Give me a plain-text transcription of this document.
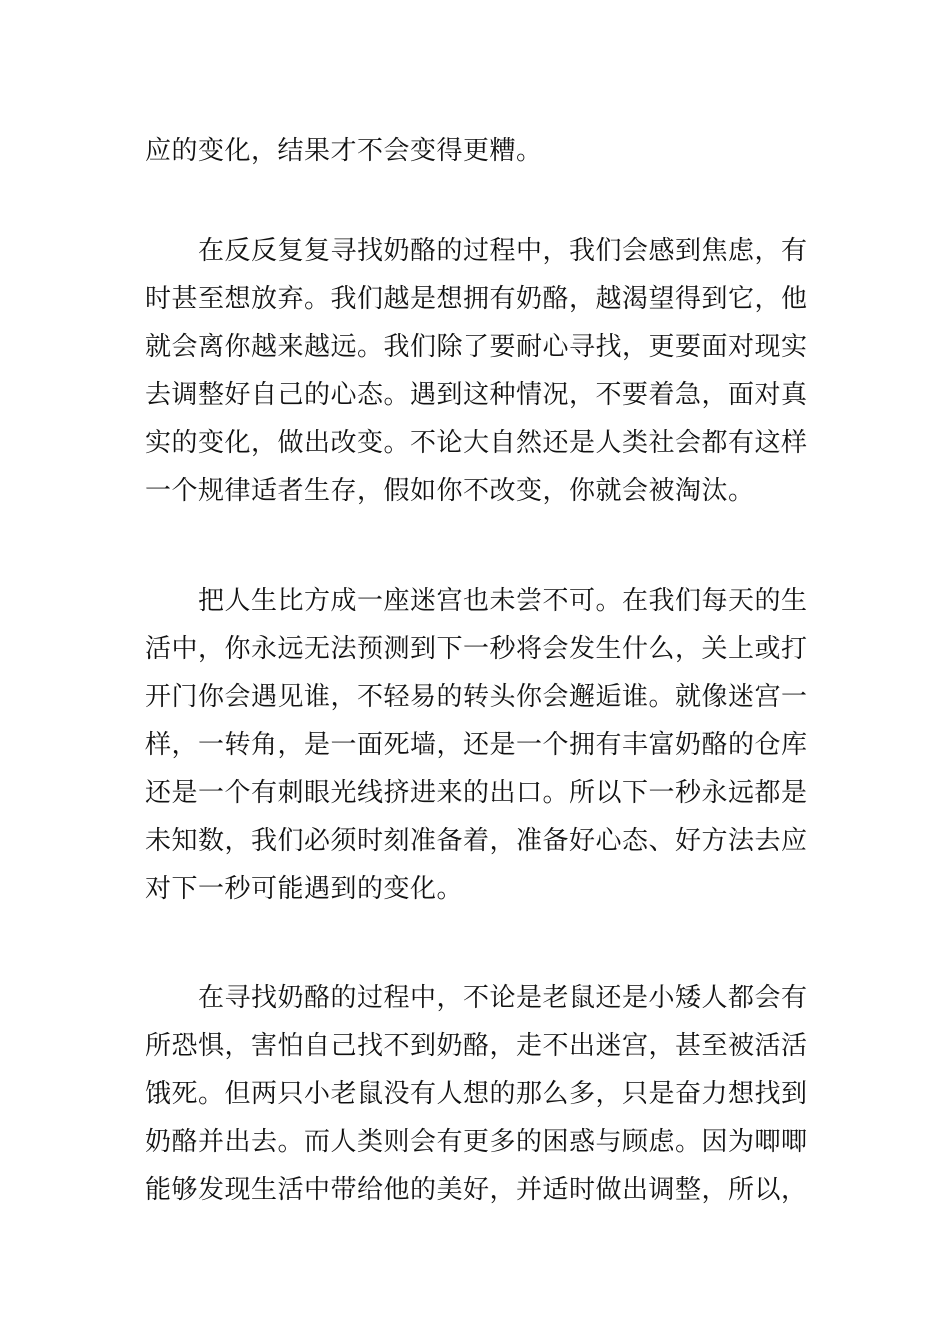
应的变化，结果才不会变得更糟。
在反反复复寻找奶酪的过程中，我们会感到焦虑，有
时甚至想放弃。我们越是想拥有奶酪，越渴望得到它，他
就会离你越来越远。我们除了要耐心寻找，更要面对现实
去调整好自己的心态。遇到这种情况，不要着急，面对真
实的变化，做出改变。不论大自然还是人类社会都有这样
一个规律适者生存，假如你不改变，你就会被淘汰。
把人生比方成一座迷宫也未尝不可。在我们每天的生
活中，你永远无法预测到下一秒将会发生什么，关上或打
开门你会遇见谁，不轻易的转头你会邂逅谁。就像迷宫一
样，一转角，是一面死墙，还是一个拥有丰富奶酪的仓库
还是一个有刺眼光线挤进来的出口。所以下一秒永远都是
未知数，我们必须时刻准备着，准备好心态、好方法去应
对下一秒可能遇到的变化。
在寻找奶酪的过程中，不论是老鼠还是小矮人都会有
所恐惧，害怕自己找不到奶酪，走不出迷宫，甚至被活活
饿死。但两只小老鼠没有人想的那么多，只是奋力想找到
奶酪并出去。而人类则会有更多的困惑与顾虑。因为唧唧
能够发现生活中带给他的美好，并适时做出调整，所以，
